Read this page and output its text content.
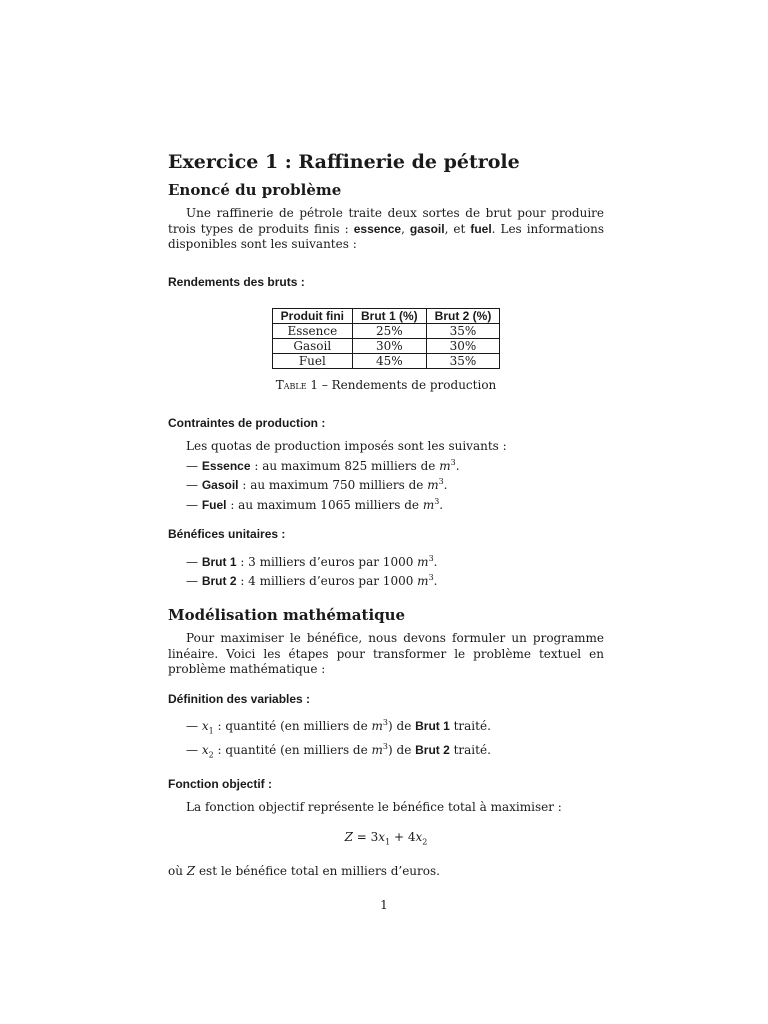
Exercice 1 : Raffinerie de pétrole
Enoncé du problème

Une raffinerie de pétrole traite deux sortes de brut pour produire trois types de produits finis : essence, gasoil, et fuel. Les informations disponibles sont les suivantes :

Rendements des bruts :
Produit fini	Brut 1 (%)	Brut 2 (%)
Essence	25%	35%
Gasoil	30%	30%
Fuel	45%	35%
Table 1 – Rendements de production
Contraintes de production :
Les quotas de production imposés sont les suivants :
— Essence : au maximum 825 milliers de $m^3$.
— Gasoil : au maximum 750 milliers de $m^3$.
— Fuel : au maximum 1065 milliers de $m^3$.
Bénéfices unitaires :
— Brut 1 : 3 milliers d’euros par 1000 $m^3$.
— Brut 2 : 4 milliers d’euros par 1000 $m^3$.
Modélisation mathématique

Pour maximiser le bénéfice, nous devons formuler un programme linéaire. Voici les étapes pour transformer le problème textuel en problème mathématique :

Définition des variables :
— $x_1$ : quantité (en milliers de $m^3$) de Brut 1 traité.
— $x_2$ : quantité (en milliers de $m^3$) de Brut 2 traité.
Fonction objectif :

La fonction objectif représente le bénéfice total à maximiser :

$Z = 3x_1 + 4x_2$

où Z est le bénéfice total en milliers d’euros.

1
